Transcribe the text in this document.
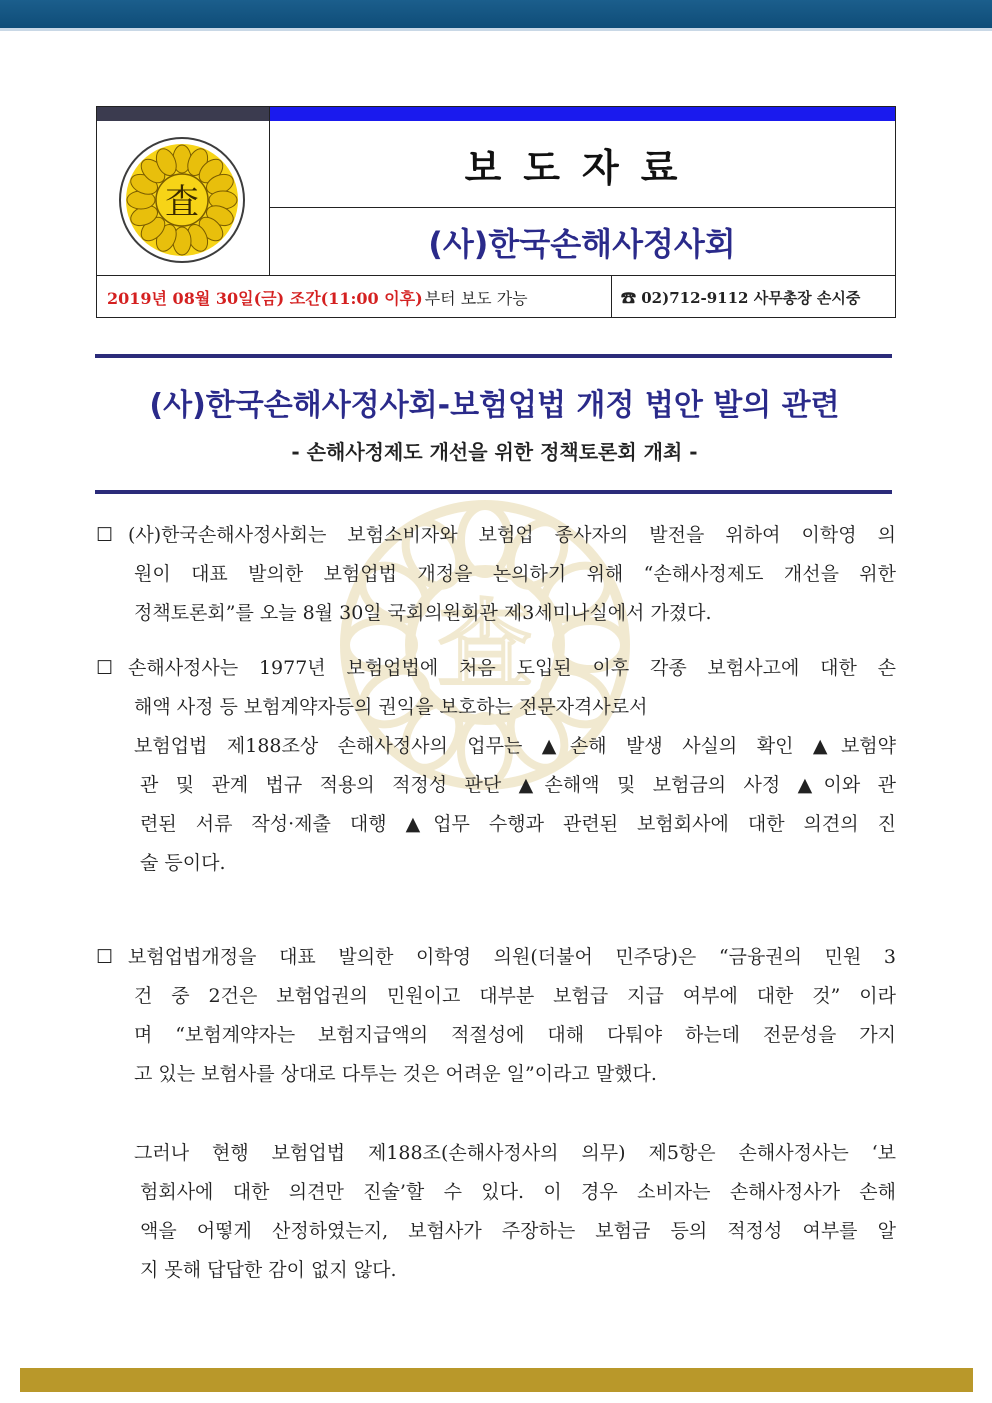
査
보도자료
(사)한국손해사정사회
2019년 08월 30일(금) 조간(11:00 이후) 부터 보도 가능	☎ 02)712-9112 사무총장 손시중
(사)한국손해사정사회-보험업법 개정 법안 발의 관련
- 손해사정제도 개선을 위한 정책토론회 개최 -
査
☐ (사)한국손해사정사회는 보험소비자와 보험업 종사자의 발전을 위하여 이학영 의
원이 대표 발의한 보험업법 개정을 논의하기 위해 “손해사정제도 개선을 위한
정책토론회”를 오늘 8월 30일 국회의원회관 제3세미나실에서 가졌다.
☐ 손해사정사는 1977년 보험업법에 처음 도입된 이후 각종 보험사고에 대한 손
해액 사정 등 보험계약자등의 권익을 보호하는 전문자격사로서
보험업법 제188조상 손해사정사의 업무는 ▲손해 발생 사실의 확인 ▲보험약
관 및 관계 법규 적용의 적정성 판단 ▲손해액 및 보험금의 사정 ▲이와 관
련된 서류 작성·제출 대행 ▲업무 수행과 관련된 보험회사에 대한 의견의 진
술 등이다.
☐ 보험업법개정을 대표 발의한 이학영 의원(더불어 민주당)은 “금융권의 민원 3
건 중 2건은 보험업권의 민원이고 대부분 보험급 지급 여부에 대한 것” 이라
며 “보험계약자는 보험지급액의 적절성에 대해 다퉈야 하는데 전문성을 가지
고 있는 보험사를 상대로 다투는 것은 어려운 일”이라고 말했다.
그러나 현행 보험업법 제188조(손해사정사의 의무) 제5항은 손해사정사는 ‘보
험회사에 대한 의견만 진술’할 수 있다. 이 경우 소비자는 손해사정사가 손해
액을 어떻게 산정하였는지, 보험사가 주장하는 보험금 등의 적정성 여부를 알
지 못해 답답한 감이 없지 않다.
